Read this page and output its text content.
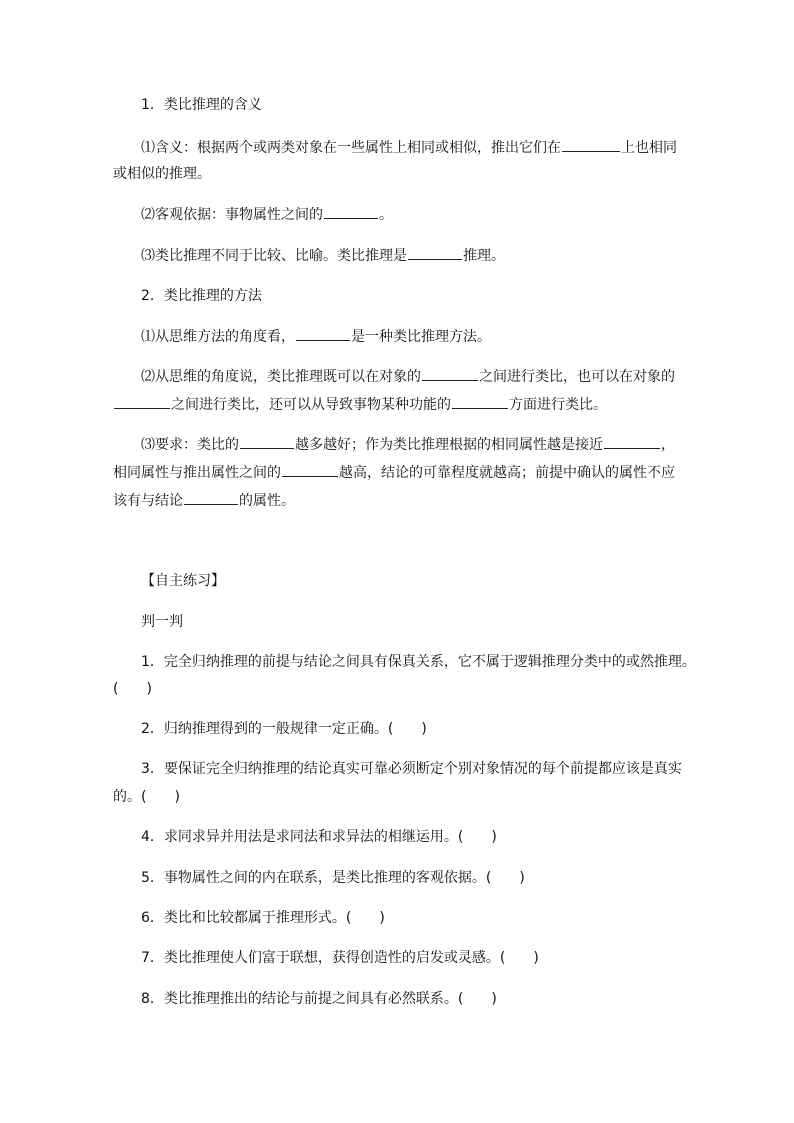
1．类比推理的含义
⑴含义：根据两个或两类对象在一些属性上相同或相似，推出它们在	上也相同
或相似的推理。
⑵客观依据：事物属性之间的	。
⑶类比推理不同于比较、比喻。类比推理是	推理。
2．类比推理的方法
⑴从思维方法的角度看，	是一种类比推理方法。
⑵从思维的角度说，类比推理既可以在对象的	之间进行类比，也可以在对象的
之间进行类比，还可以从导致事物某种功能的	方面进行类比。
⑶要求：类比的	越多越好；作为类比推理根据的相同属性越是接近	，
相同属性与推出属性之间的	越高，结论的可靠程度就越高；前提中确认的属性不应
该有与结论	的属性。
【自主练习】
判一判
1．完全归纳推理的前提与结论之间具有保真关系，它不属于逻辑推理分类中的或然推理。
(　　)
2．归纳推理得到的一般规律一定正确。(　　)
3．要保证完全归纳推理的结论真实可靠必须断定个别对象情况的每个前提都应该是真实
的。(　　)
4．求同求异并用法是求同法和求异法的相继运用。(　　)
5．事物属性之间的内在联系，是类比推理的客观依据。(　　)
6．类比和比较都属于推理形式。(　　)
7．类比推理使人们富于联想，获得创造性的启发或灵感。(　　)
8．类比推理推出的结论与前提之间具有必然联系。(　　)
